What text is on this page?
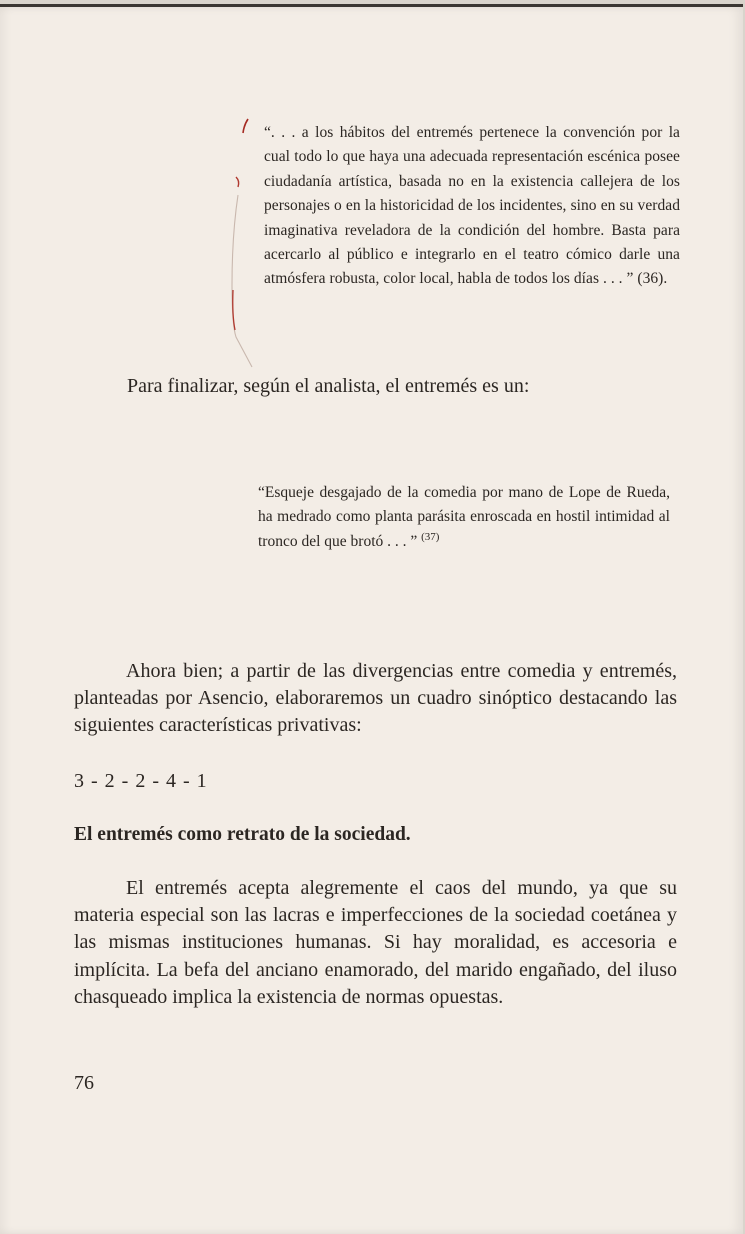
“. . . a los hábitos del entremés pertenece la convención por la cual todo lo que haya una adecuada representación escénica posee ciudadanía artística, basada no en la existencia callejera de los personajes o en la historicidad de los incidentes, sino en su verdad imaginativa reveladora de la condición del hombre. Basta para acercarlo al público e integrarlo en el teatro cómico darle una atmósfera robusta, color local, habla de todos los días . . . ” (36).
Para finalizar, según el analista, el entremés es un:
“Esqueje desgajado de la comedia por mano de Lope de Rueda, ha medrado como planta parásita enroscada en hostil intimidad al tronco del que brotó . . . ” $^{(37)}$
Ahora bien; a partir de las divergencias entre comedia y entremés, planteadas por Asencio, elaboraremos un cuadro sinóptico destacando las siguientes características privativas:
3 - 2 - 2 - 4 - 1
El entremés como retrato de la sociedad.
El entremés acepta alegremente el caos del mundo, ya que su materia especial son las lacras e imperfecciones de la sociedad coetánea y las mismas instituciones humanas. Si hay moralidad, es accesoria e implícita. La befa del anciano enamorado, del marido engañado, del iluso chasqueado implica la existencia de normas opuestas.
76
